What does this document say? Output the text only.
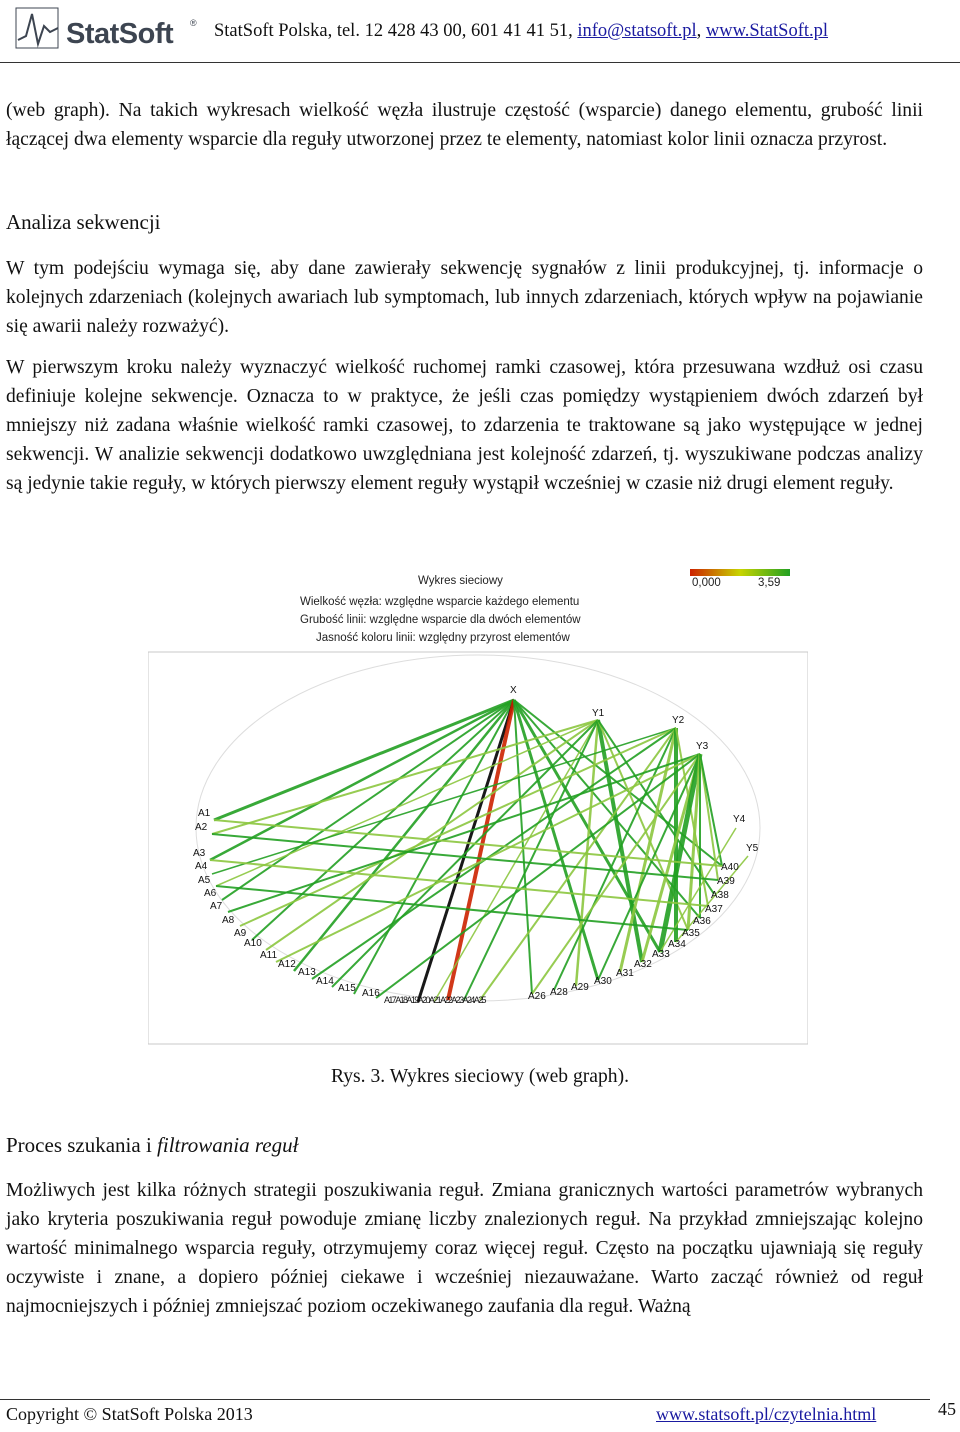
StatSoft ® StatSoft Polska, tel. 12 428 43 00, 601 41 41 51, info@statsoft.pl, www.StatSoft.pl

(web graph). Na takich wykresach wielkość węzła ilustruje częstość (wsparcie) danego elementu, grubość linii łączącej dwa elementy wsparcie dla reguły utworzonej przez te elementy, natomiast kolor linii oznacza przyrost.

Analiza sekwencji

W tym podejściu wymaga się, aby dane zawierały sekwencję sygnałów z linii produkcyjnej, tj. informacje o kolejnych zdarzeniach (kolejnych awariach lub symptomach, lub innych zdarzeniach, których wpływ na pojawianie się awarii należy rozważyć).

W pierwszym kroku należy wyznaczyć wielkość ruchomej ramki czasowej, która przesuwana wzdłuż osi czasu definiuje kolejne sekwencje. Oznacza to w praktyce, że jeśli czas pomiędzy wystąpieniem dwóch zdarzeń był mniejszy niż zadana właśnie wielkość ramki czasowej, to zdarzenia te traktowane są jako występujące w jednej sekwencji. W analizie sekwencji dodatkowo uwzględniana jest kolejność zdarzeń, tj. wyszukiwane podczas analizy są jedynie takie reguły, w których pierwszy element reguły wystąpił wcześniej w czasie niż drugi element reguły.

Wykres sieciowy
Wielkość węzła: względne wsparcie każdego elementu
Grubość linii: względne wsparcie dla dwóch elementów
Jasność koloru linii: względny przyrost elementów
0,000	3,59
X
Y1
Y2
Y3
Y4
Y5
A40
A39
A38
A37
A36
A35
A34
A33
A32
A31
A30
A29
A28
A26
A17A18A19A20A21A22A23A24A25
A16
A15
A14
A13
A12
A11
A10
A9
A8
A7
A6
A5
A4
A3
A2
A1
Rys. 3. Wykres sieciowy (web graph).
Proces szukania i filtrowania reguł

Możliwych jest kilka różnych strategii poszukiwania reguł. Zmiana granicznych wartości parametrów wybranych jako kryteria poszukiwania reguł powoduje zmianę liczby znalezionych reguł. Na przykład zmniejszając kolejno wartość minimalnego wsparcia reguły, otrzymujemy coraz więcej reguł. Często na początku ujawniają się reguły oczywiste i znane, a dopiero później ciekawe i wcześniej niezauważane. Warto zacząć również od reguł najmocniejszych i później zmniejszać poziom oczekiwanego zaufania dla reguł. Ważną

Copyright © StatSoft Polska 2013	www.statsoft.pl/czytelnia.html	45
